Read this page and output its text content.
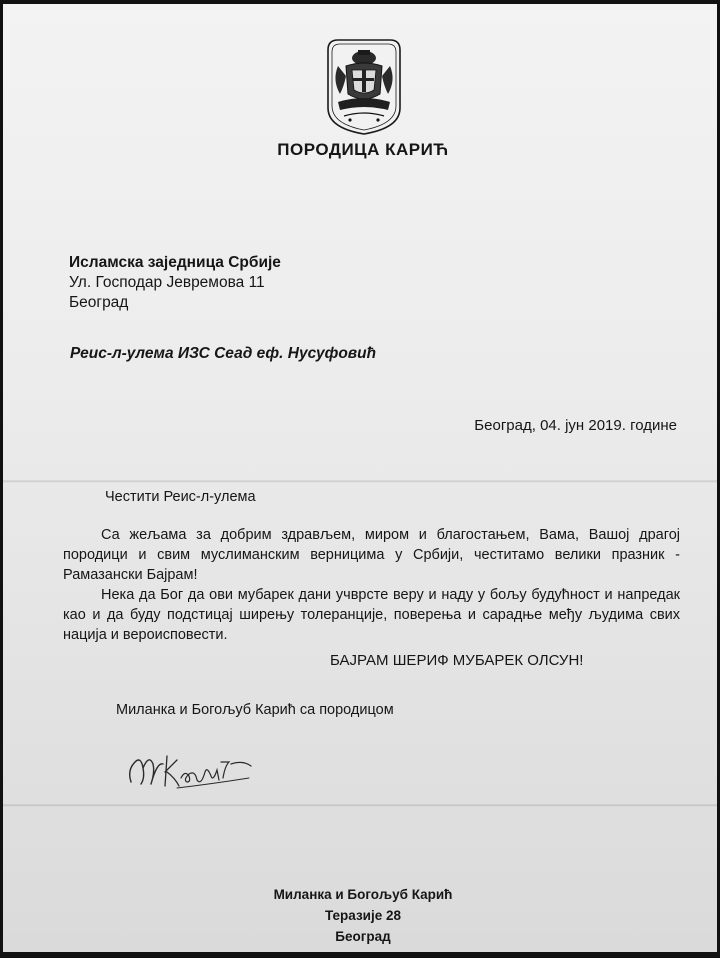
ПОРОДИЦА КАРИЋ
Исламска заједница Србије
Ул. Господар Јевремова 11
Београд
Реис-л-улема ИЗС Сеад еф. Нусуфовић
Београд, 04. јун 2019. године
Честити Реис-л-улема

Са жељама за добрим здрављем, миром и благостањем, Вама, Вашој драгој породици и свим муслиманским верницима у Србији, честитамо велики празник - Рамазански Бајрам!

Нека да Бог да ови мубарек дани учврсте веру и наду у бољу будућност и напредак као и да буду подстицај ширењу толеранције, поверења и сарадње међу људима свих нација и вероисповести.

БАЈРАМ ШЕРИФ МУБАРЕК ОЛСУН!
Миланка и Богољуб Карић са породицом
Миланка и Богољуб Карић
Теразије 28
Београд
